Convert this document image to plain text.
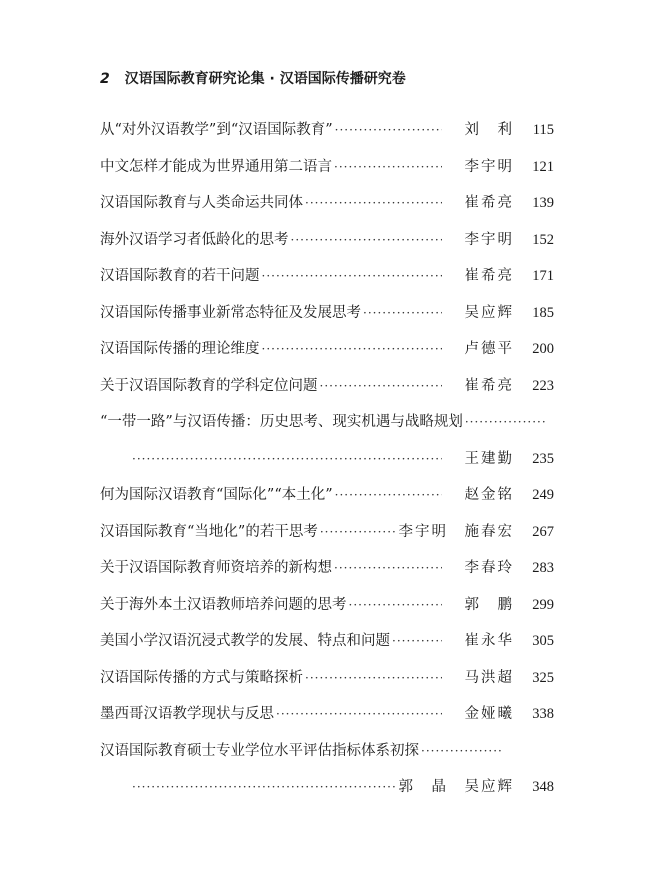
2 汉语国际教育研究论集 · 汉语国际传播研究卷
从“对外汉语教学”到“汉语国际教育” ·····	刘　利	115
中文怎样才能成为世界通用第二语言 ·····	李宇明	121
汉语国际教育与人类命运共同体 ·····	崔希亮	139
海外汉语学习者低龄化的思考 ·····	李宇明	152
汉语国际教育的若干问题 ·····	崔希亮	171
汉语国际传播事业新常态特征及发展思考 ·····	吴应辉	185
汉语国际传播的理论维度 ·····	卢德平	200
关于汉语国际教育的学科定位问题 ·····	崔希亮	223
“一带一路”与汉语传播：历史思考、现实机遇与战略规划
·····
·····
王建勤	235
何为国际汉语教育“国际化”“本土化” ·····	赵金铭	249
汉语国际教育“当地化”的若干思考 ·····	李宇明　施春宏	267
关于汉语国际教育师资培养的新构想 ·····	李春玲	283
关于海外本土汉语教师培养问题的思考 ·····	郭　鹏	299
美国小学汉语沉浸式教学的发展、特点和问题 ·····	崔永华	305
汉语国际传播的方式与策略探析 ·····	马洪超	325
墨西哥汉语教学现状与反思 ·····	金娅曦	338
汉语国际教育硕士专业学位水平评估指标体系初探
·····
·····
郭　晶　吴应辉	348
